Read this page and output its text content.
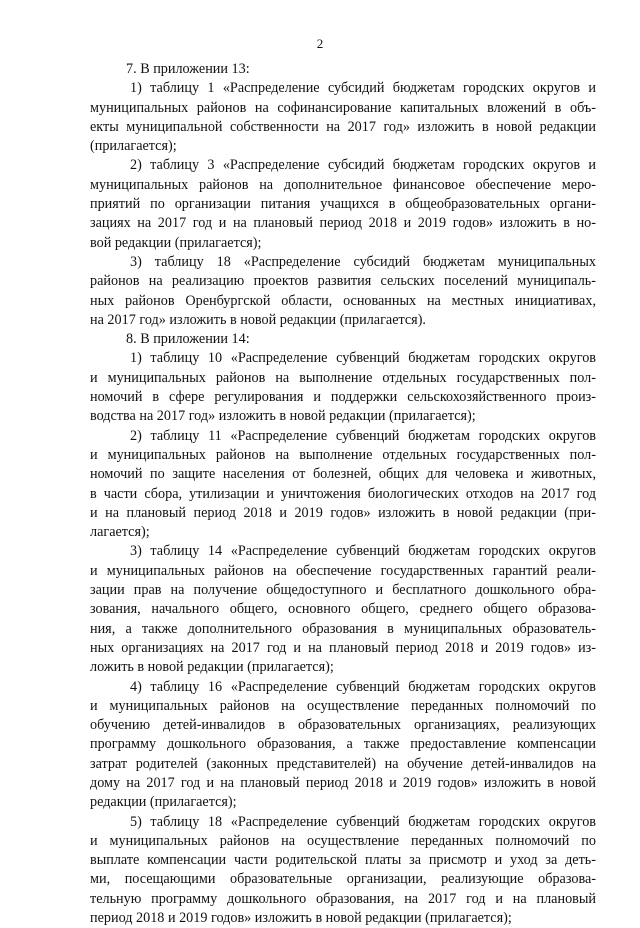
2
7. В приложении 13:
1) таблицу 1 «Распределение субсидий бюджетам городских округов и
муниципальных районов на софинансирование капитальных вложений в объ-
екты муниципальной собственности на 2017 год» изложить в новой редакции
(прилагается);
2) таблицу 3 «Распределение субсидий бюджетам городских округов и
муниципальных районов на дополнительное финансовое обеспечение меро-
приятий по организации питания учащихся в общеобразовательных органи-
зациях на 2017 год и на плановый период 2018 и 2019 годов» изложить в но-
вой редакции (прилагается);
3) таблицу 18 «Распределение субсидий бюджетам муниципальных
районов на реализацию проектов развития сельских поселений муниципаль-
ных районов Оренбургской области, основанных на местных инициативах,
на 2017 год» изложить в новой редакции (прилагается).
8. В приложении 14:
1) таблицу 10 «Распределение субвенций бюджетам городских округов
и муниципальных районов на выполнение отдельных государственных пол-
номочий в сфере регулирования и поддержки сельскохозяйственного произ-
водства на 2017 год» изложить в новой редакции (прилагается);
2) таблицу 11 «Распределение субвенций бюджетам городских округов
и муниципальных районов на выполнение отдельных государственных пол-
номочий по защите населения от болезней, общих для человека и животных,
в части сбора, утилизации и уничтожения биологических отходов на 2017 год
и на плановый период 2018 и 2019 годов» изложить в новой редакции (при-
лагается);
3) таблицу 14 «Распределение субвенций бюджетам городских округов
и муниципальных районов на обеспечение государственных гарантий реали-
зации прав на получение общедоступного и бесплатного дошкольного обра-
зования, начального общего, основного общего, среднего общего образова-
ния, а также дополнительного образования в муниципальных образователь-
ных организациях на 2017 год и на плановый период 2018 и 2019 годов» из-
ложить в новой редакции (прилагается);
4) таблицу 16 «Распределение субвенций бюджетам городских округов
и муниципальных районов на осуществление переданных полномочий по
обучению детей-инвалидов в образовательных организациях, реализующих
программу дошкольного образования, а также предоставление компенсации
затрат родителей (законных представителей) на обучение детей-инвалидов на
дому на 2017 год и на плановый период 2018 и 2019 годов» изложить в новой
редакции (прилагается);
5) таблицу 18 «Распределение субвенций бюджетам городских округов
и муниципальных районов на осуществление переданных полномочий по
выплате компенсации части родительской платы за присмотр и уход за деть-
ми, посещающими образовательные организации, реализующие образова-
тельную программу дошкольного образования, на 2017 год и на плановый
период 2018 и 2019 годов» изложить в новой редакции (прилагается);
